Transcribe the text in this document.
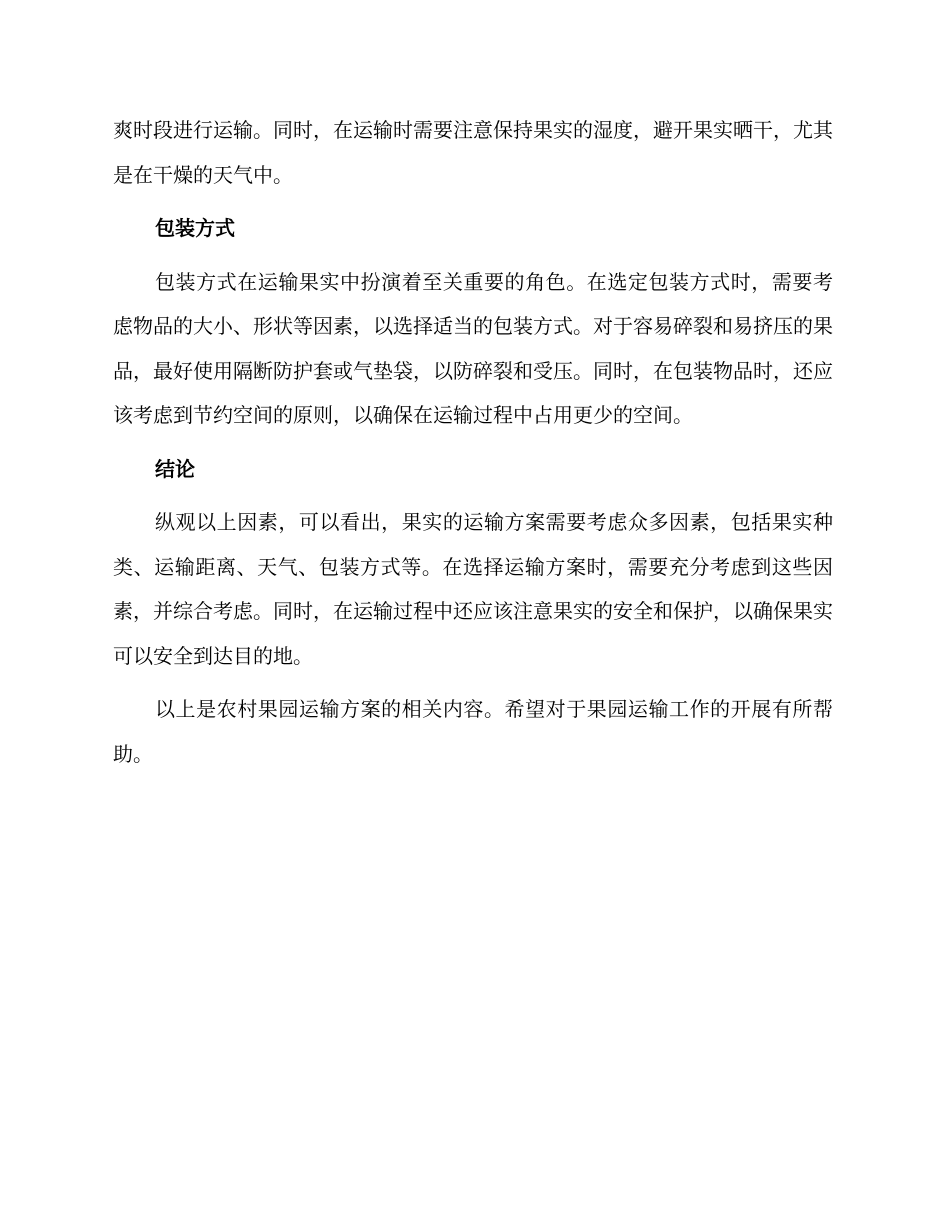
爽时段进行运输。同时，在运输时需要注意保持果实的湿度，避开果实晒干，尤其是在干燥的天气中。

包装方式

包装方式在运输果实中扮演着至关重要的角色。在选定包装方式时，需要考虑物品的大小、形状等因素，以选择适当的包装方式。对于容易碎裂和易挤压的果品，最好使用隔断防护套或气垫袋，以防碎裂和受压。同时，在包装物品时，还应该考虑到节约空间的原则，以确保在运输过程中占用更少的空间。

结论

纵观以上因素，可以看出，果实的运输方案需要考虑众多因素，包括果实种类、运输距离、天气、包装方式等。在选择运输方案时，需要充分考虑到这些因素，并综合考虑。同时，在运输过程中还应该注意果实的安全和保护，以确保果实可以安全到达目的地。

以上是农村果园运输方案的相关内容。希望对于果园运输工作的开展有所帮助。
